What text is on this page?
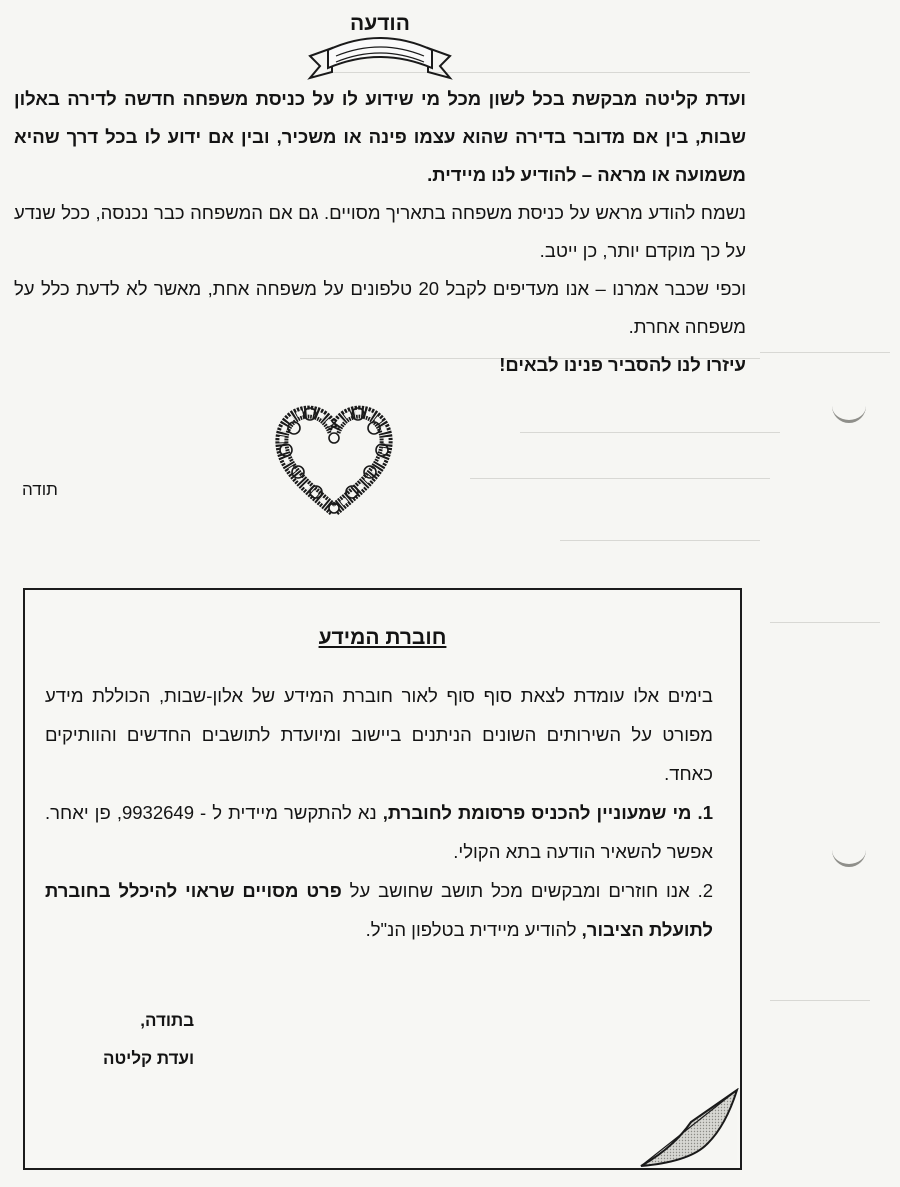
הודעה

ועדת קליטה מבקשת בכל לשון מכל מי שידוע לו על כניסת משפחה חדשה לדירה באלון שבות, בין אם מדובר בדירה שהוא עצמו פינה או משכיר, ובין אם ידוע לו בכל דרך שהיא משמועה או מראה – להודיע לנו מיידית.

נשמח להודע מראש על כניסת משפחה בתאריך מסויים. גם אם המשפחה כבר נכנסה, ככל שנדע על כך מוקדם יותר, כן ייטב.

וכפי שכבר אמרנו – אנו מעדיפים לקבל 20 טלפונים על משפחה אחת, מאשר לא לדעת כלל על משפחה אחרת.

עיזרו לנו להסביר פנינו לבאים!

תודה
חוברת המידע

בימים אלו עומדת לצאת סוף סוף לאור חוברת המידע של אלון-שבות, הכוללת מידע מפורט על השירותים השונים הניתנים ביישוב ומיועדת לתושבים החדשים והוותיקים כאחד.

1. מי שמעוניין להכניס פרסומת לחוברת, נא להתקשר מיידית ל - 9932649, פן יאחר. אפשר להשאיר הודעה בתא הקולי.

2. אנו חוזרים ומבקשים מכל תושב שחושב על פרט מסויים שראוי להיכלל בחוברת לתועלת הציבור, להודיע מיידית בטלפון הנ"ל.

בתודה,
ועדת קליטה
